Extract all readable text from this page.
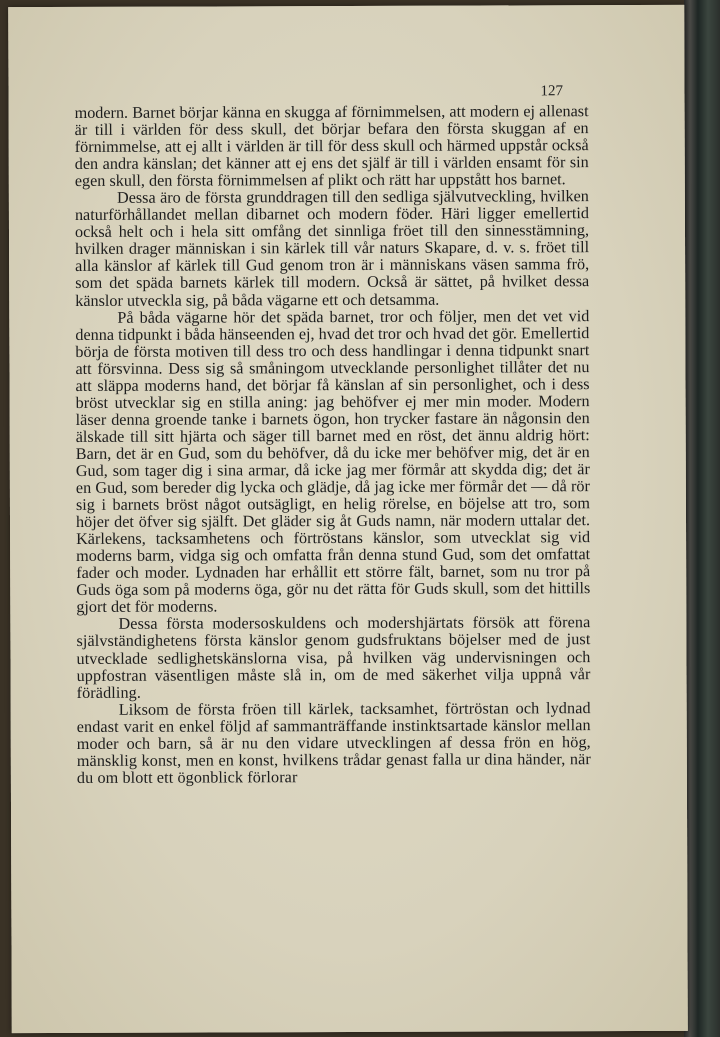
127

modern. Barnet börjar känna en skugga af förnimmelsen, att modern ej allenast är till i världen för dess skull, det börjar befara den första skuggan af en förnimmelse, att ej allt i världen är till för dess skull och härmed uppstår också den andra känslan; det känner att ej ens det själf är till i världen ensamt för sin egen skull, den första förnimmelsen af plikt och rätt har uppstått hos barnet.

Dessa äro de första grunddragen till den sedliga självutveckling, hvilken naturförhållandet mellan dibarnet och modern föder. Häri ligger emellertid också helt och i hela sitt omfång det sinnliga fröet till den sinnesstämning, hvilken drager människan i sin kärlek till vår naturs Skapare, d. v. s. fröet till alla känslor af kärlek till Gud genom tron är i människans väsen samma frö, som det späda barnets kärlek till modern. Också är sättet, på hvilket dessa känslor utveckla sig, på båda vägarne ett och detsamma.

På båda vägarne hör det späda barnet, tror och följer, men det vet vid denna tidpunkt i båda hänseenden ej, hvad det tror och hvad det gör. Emellertid börja de första motiven till dess tro och dess handlingar i denna tidpunkt snart att försvinna. Dess sig så småningom utvecklande personlighet tillåter det nu att släppa moderns hand, det börjar få känslan af sin personlighet, och i dess bröst utvecklar sig en stilla aning: jag behöfver ej mer min moder. Modern läser denna groende tanke i barnets ögon, hon trycker fastare än någonsin den älskade till sitt hjärta och säger till barnet med en röst, det ännu aldrig hört: Barn, det är en Gud, som du behöfver, då du icke mer behöfver mig, det är en Gud, som tager dig i sina armar, då icke jag mer förmår att skydda dig; det är en Gud, som bereder dig lycka och glädje, då jag icke mer förmår det — då rör sig i barnets bröst något outsägligt, en helig rörelse, en böjelse att tro, som höjer det öfver sig själft. Det gläder sig åt Guds namn, när modern uttalar det. Kärlekens, tacksamhetens och förtröstans känslor, som utvecklat sig vid moderns barm, vidga sig och omfatta från denna stund Gud, som det omfattat fader och moder. Lydnaden har erhållit ett större fält, barnet, som nu tror på Guds öga som på moderns öga, gör nu det rätta för Guds skull, som det hittills gjort det för moderns.

Dessa första modersoskuldens och modershjärtats försök att förena självständighetens första känslor genom gudsfruktans böjelser med de just utvecklade sedlighetskänslorna visa, på hvilken väg undervisningen och uppfostran väsentligen måste slå in, om de med säkerhet vilja uppnå vår förädling.

Liksom de första fröen till kärlek, tacksamhet, förtröstan och lydnad endast varit en enkel följd af sammanträffande instinktsartade känslor mellan moder och barn, så är nu den vidare utvecklingen af dessa frön en hög, mänsklig konst, men en konst, hvilkens trådar genast falla ur dina händer, när du om blott ett ögonblick förlorar
